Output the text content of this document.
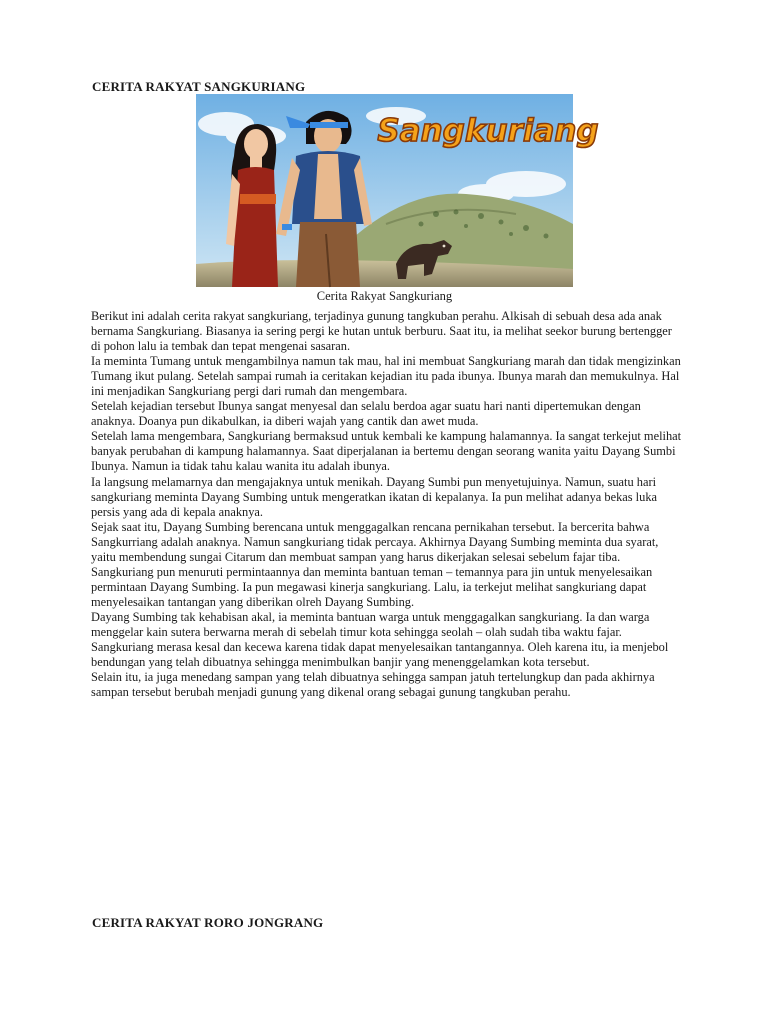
CERITA RAKYAT SANGKURIANG
Sangkuriang

Cerita Rakyat Sangkuriang

Berikut ini adalah cerita rakyat sangkuriang, terjadinya gunung tangkuban perahu. Alkisah di sebuah desa ada anak bernama Sangkuriang. Biasanya ia sering pergi ke hutan untuk berburu. Saat itu, ia melihat seekor burung bertengger di pohon lalu ia tembak dan tepat mengenai sasaran.

Ia meminta Tumang untuk mengambilnya namun tak mau, hal ini membuat Sangkuriang marah dan tidak mengizinkan Tumang ikut pulang. Setelah sampai rumah ia ceritakan kejadian itu pada ibunya. Ibunya marah dan memukulnya. Hal ini menjadikan Sangkuriang pergi dari rumah dan mengembara.

Setelah kejadian tersebut Ibunya sangat menyesal dan selalu berdoa agar suatu hari nanti dipertemukan dengan anaknya. Doanya pun dikabulkan, ia diberi wajah yang cantik dan awet muda.

Setelah lama mengembara, Sangkuriang bermaksud untuk kembali ke kampung halamannya. Ia sangat terkejut melihat banyak perubahan di kampung halamannya. Saat diperjalanan ia bertemu dengan seorang wanita yaitu Dayang Sumbi Ibunya. Namun ia tidak tahu kalau wanita itu adalah ibunya.

Ia langsung melamarnya dan mengajaknya untuk menikah. Dayang Sumbi pun menyetujuinya. Namun, suatu hari sangkuriang meminta Dayang Sumbing untuk mengeratkan ikatan di kepalanya. Ia pun melihat adanya bekas luka persis yang ada di kepala anaknya.

Sejak saat itu, Dayang Sumbing berencana untuk menggagalkan rencana pernikahan tersebut. Ia bercerita bahwa Sangkurriang adalah anaknya. Namun sangkuriang tidak percaya. Akhirnya Dayang Sumbing meminta dua syarat, yaitu membendung sungai Citarum dan membuat sampan yang harus dikerjakan selesai sebelum fajar tiba.

Sangkuriang pun menuruti permintaannya dan meminta bantuan teman – temannya para jin untuk menyelesaikan permintaan Dayang Sumbing. Ia pun megawasi kinerja sangkuriang. Lalu, ia terkejut melihat sangkuriang dapat menyelesaikan tantangan yang diberikan olreh Dayang Sumbing.

Dayang Sumbing tak kehabisan akal, ia meminta bantuan warga untuk menggagalkan sangkuriang. Ia dan warga menggelar kain sutera berwarna merah di sebelah timur kota sehingga seolah – olah sudah tiba waktu fajar.

Sangkuriang merasa kesal dan kecewa karena tidak dapat menyelesaikan tantangannya. Oleh karena itu, ia menjebol bendungan yang telah dibuatnya sehingga menimbulkan banjir yang menenggelamkan kota tersebut.

Selain itu, ia juga menedang sampan yang telah dibuatnya sehingga sampan jatuh tertelungkup dan pada akhirnya sampan tersebut berubah menjadi gunung yang dikenal orang sebagai gunung tangkuban perahu.

CERITA RAKYAT RORO JONGRANG
